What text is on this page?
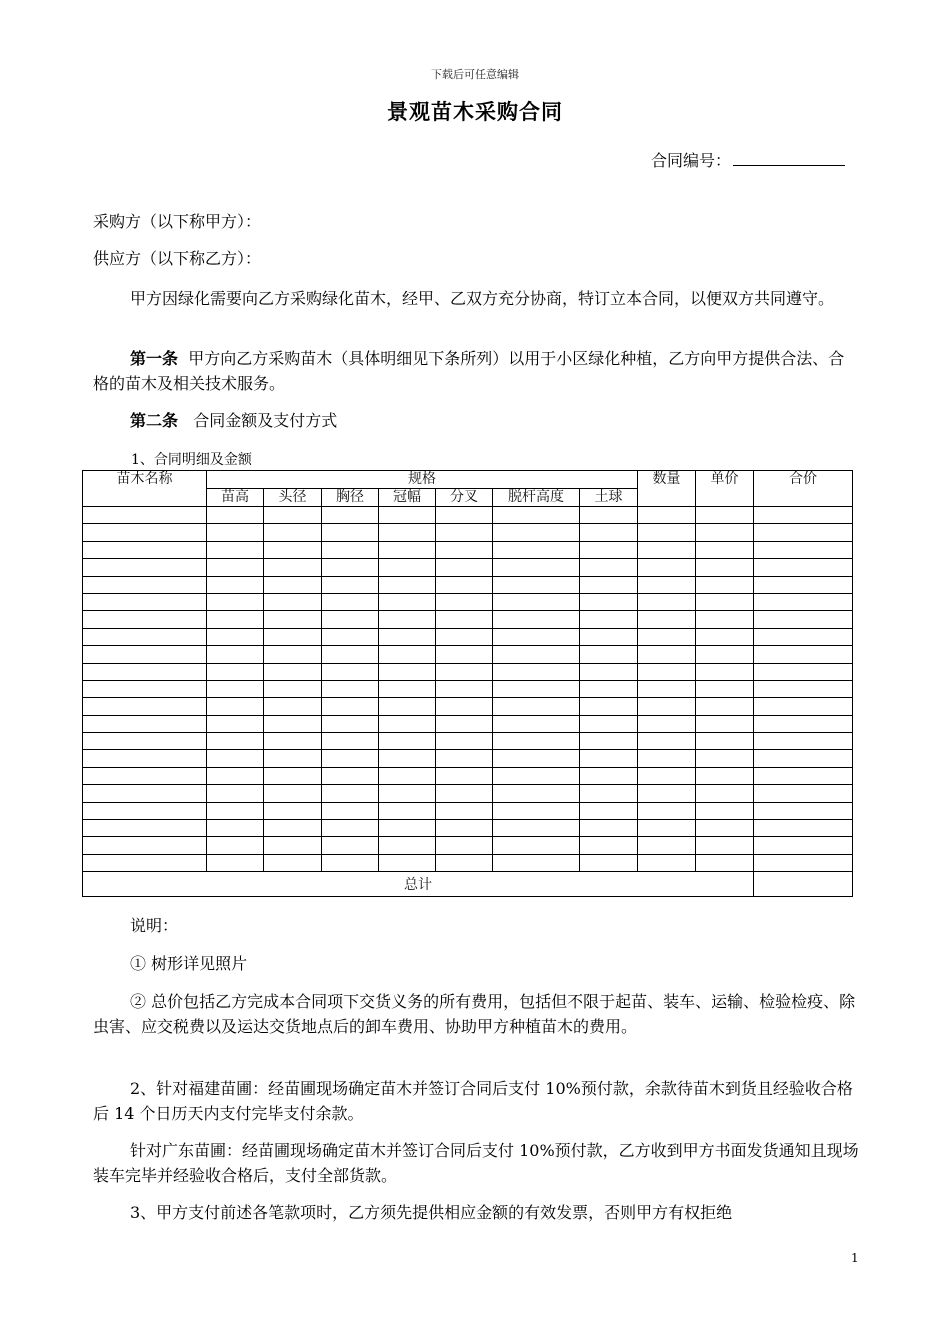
下载后可任意编辑
景观苗木采购合同
合同编号：
采购方（以下称甲方）：
供应方（以下称乙方）：
甲方因绿化需要向乙方采购绿化苗木，经甲、乙双方充分协商，特订立本合同，以便双方共同遵守。
第一条 甲方向乙方采购苗木（具体明细见下条所列）以用于小区绿化种植，乙方向甲方提供合法、合格的苗木及相关技术服务。
第二条 合同金额及支付方式
1、合同明细及金额
苗木名称	规格							数量	单价	合价
	苗高	头径	胸径	冠幅	分叉	脱杆高度	土球			

总计										
说明：
① 树形详见照片
② 总价包括乙方完成本合同项下交货义务的所有费用，包括但不限于起苗、装车、运输、检验检疫、除虫害、应交税费以及运达交货地点后的卸车费用、协助甲方种植苗木的费用。
2、针对福建苗圃：经苗圃现场确定苗木并签订合同后支付 10%预付款，余款待苗木到货且经验收合格后 14 个日历天内支付完毕支付余款。
针对广东苗圃：经苗圃现场确定苗木并签订合同后支付 10%预付款，乙方收到甲方书面发货通知且现场装车完毕并经验收合格后，支付全部货款。
3、甲方支付前述各笔款项时，乙方须先提供相应金额的有效发票，否则甲方有权拒绝
1
